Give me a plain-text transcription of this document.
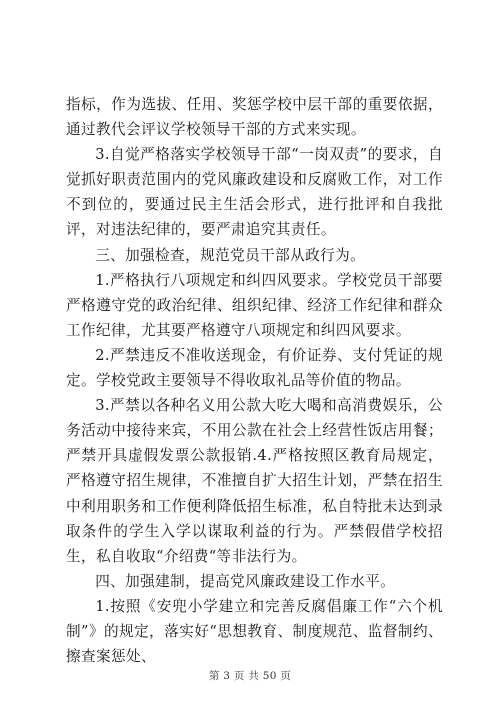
指标，作为选拔、任用、奖惩学校中层干部的重要依据，通过教代会评议学校领导干部的方式来实现。

3.自觉严格落实学校领导干部“一岗双责”的要求，自觉抓好职责范围内的党风廉政建设和反腐败工作，对工作不到位的，要通过民主生活会形式，进行批评和自我批评，对违法纪律的，要严肃追究其责任。

三、加强检查，规范党员干部从政行为。

1.严格执行八项规定和纠四风要求。学校党员干部要严格遵守党的政治纪律、组织纪律、经济工作纪律和群众工作纪律，尤其要严格遵守八项规定和纠四风要求。

2.严禁违反不准收送现金，有价证券、支付凭证的规定。学校党政主要领导不得收取礼品等价值的物品。

3.严禁以各种名义用公款大吃大喝和高消费娱乐，公务活动中接待来宾，不用公款在社会上经营性饭店用餐；严禁开具虚假发票公款报销.4.严格按照区教育局规定，严格遵守招生规律，不准擅自扩大招生计划，严禁在招生中利用职务和工作便利降低招生标准，私自特批未达到录取条件的学生入学以谋取利益的行为。严禁假借学校招生，私自收取“介绍费“等非法行为。

四、加强建制，提高党风廉政建设工作水平。

1.按照《安兜小学建立和完善反腐倡廉工作“六个机制”》的规定，落实好“思想教育、制度规范、监督制约、擦查案惩处、

第 3 页 共 50 页
